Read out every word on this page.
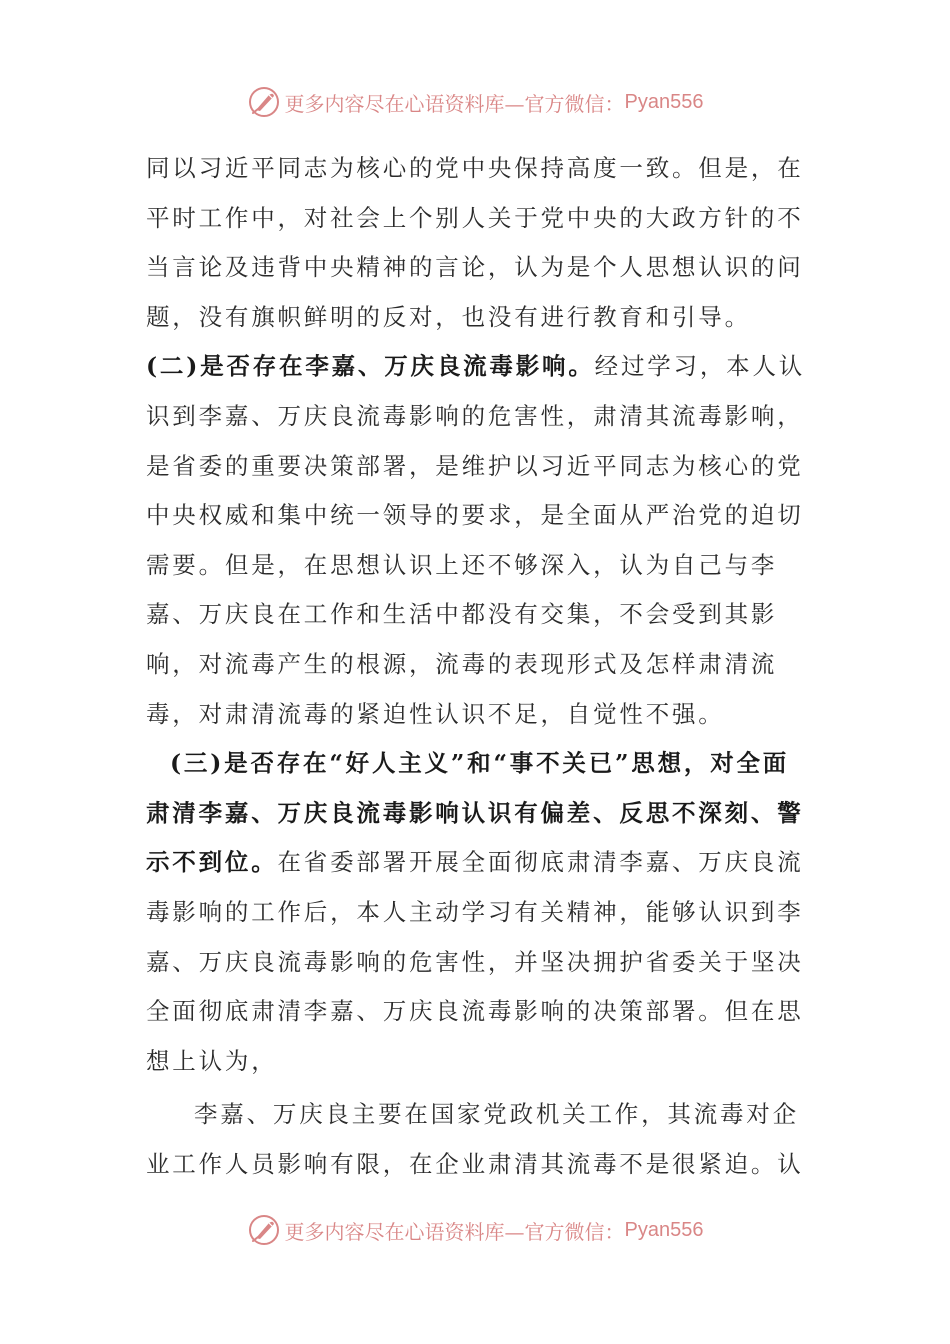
更多内容尽在心语资料库—官方微信： Pyan556

同以习近平同志为核心的党中央保持高度一致。但是，在平时工作中，对社会上个别人关于党中央的大政方针的不当言论及违背中央精神的言论，认为是个人思想认识的问题，没有旗帜鲜明的反对，也没有进行教育和引导。

(二)是否存在李嘉、万庆良流毒影响。经过学习，本人认识到李嘉、万庆良流毒影响的危害性，肃清其流毒影响，是省委的重要决策部署，是维护以习近平同志为核心的党中央权威和集中统一领导的要求，是全面从严治党的迫切需要。但是，在思想认识上还不够深入，认为自己与李嘉、万庆良在工作和生活中都没有交集，不会受到其影响，对流毒产生的根源，流毒的表现形式及怎样肃清流毒，对肃清流毒的紧迫性认识不足，自觉性不强。

(三)是否存在“好人主义”和“事不关已”思想，对全面肃清李嘉、万庆良流毒影响认识有偏差、反思不深刻、警示不到位。在省委部署开展全面彻底肃清李嘉、万庆良流毒影响的工作后，本人主动学习有关精神，能够认识到李嘉、万庆良流毒影响的危害性，并坚决拥护省委关于坚决全面彻底肃清李嘉、万庆良流毒影响的决策部署。但在思想上认为，

李嘉、万庆良主要在国家党政机关工作，其流毒对企业工作人员影响有限，在企业肃清其流毒不是很紧迫。认

更多内容尽在心语资料库—官方微信： Pyan556
